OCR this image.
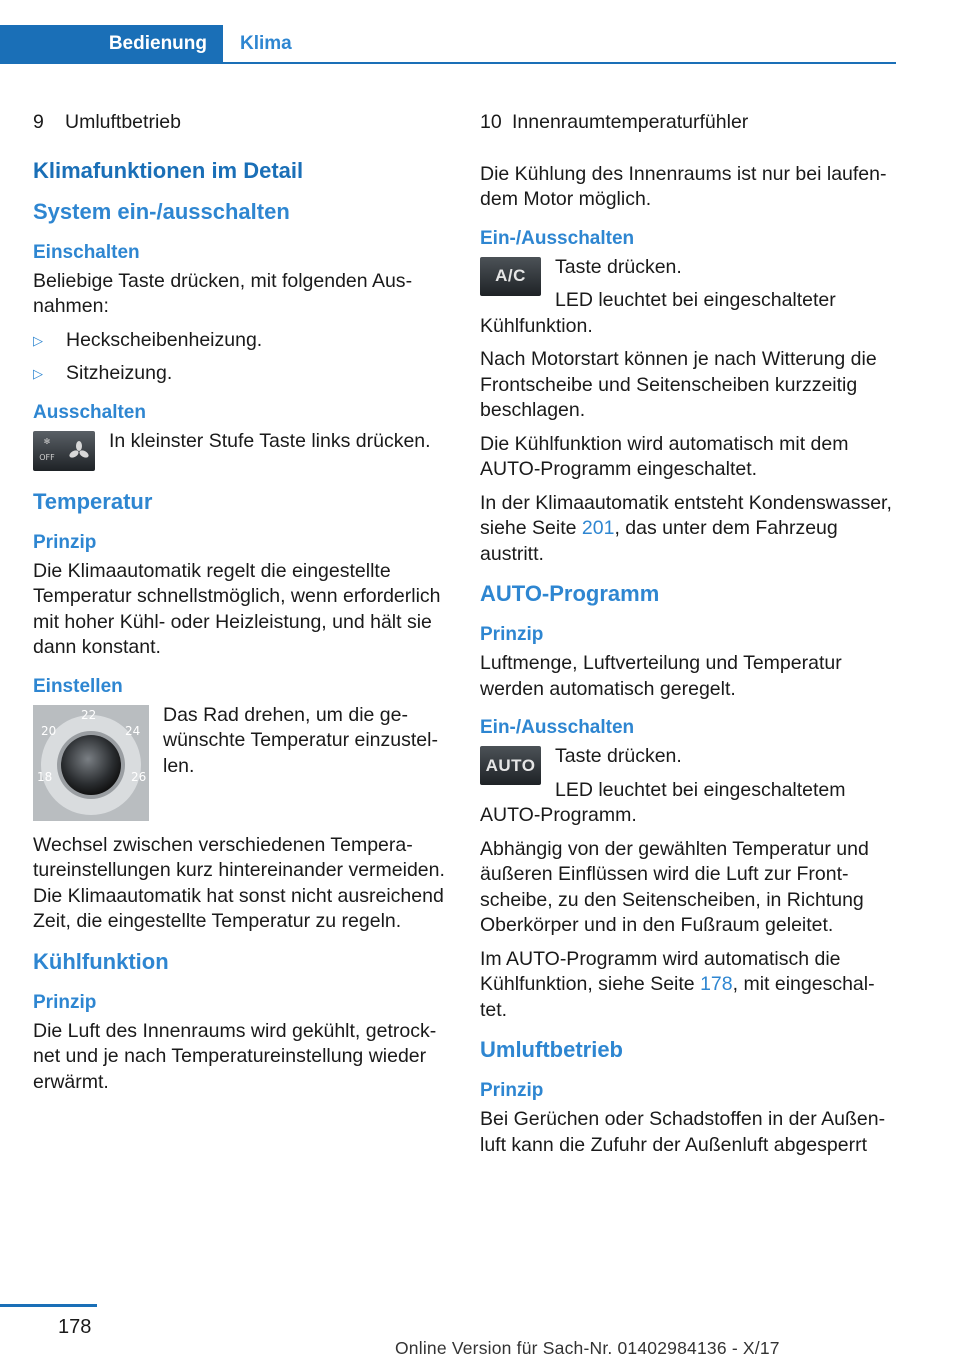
Bedienung	Klima
9	Umluftbetrieb
Klimafunktionen im Detail
System ein-/ausschalten
Einschalten

Beliebige Taste drücken, mit folgenden Ausnahmen:

▷	Heckscheibenheizung.
▷	Sitzheizung.
Ausschalten
✻
OFF

In kleinster Stufe Taste links drücken.

Temperatur
Prinzip

Die Klimaautomatik regelt die eingestellte Temperatur schnellstmöglich, wenn erforderlich mit hoher Kühl- oder Heizleistung, und hält sie dann konstant.

Einstellen
18
20
22
24
26

Das Rad drehen, um die gewünschte Temperatur einzustellen.

Wechsel zwischen verschiedenen Temperatureinstellungen kurz hintereinander vermeiden. Die Klimaautomatik hat sonst nicht ausreichend Zeit, die eingestellte Temperatur zu regeln.

Kühlfunktion
Prinzip

Die Luft des Innenraums wird gekühlt, getrocknet und je nach Temperatureinstellung wieder erwärmt.

10 Innenraumtemperaturfühler

Die Kühlung des Innenraums ist nur bei laufendem Motor möglich.

Ein-/Ausschalten
A/C	Taste drücken.

LED leuchtet bei eingeschalteter Kühlfunktion.

Nach Motorstart können je nach Witterung die Frontscheibe und Seitenscheiben kurzzeitig beschlagen.

Die Kühlfunktion wird automatisch mit dem AUTO-Programm eingeschaltet.

In der Klimaautomatik entsteht Kondenswasser, siehe Seite 201, das unter dem Fahrzeug austritt.

AUTO-Programm
Prinzip

Luftmenge, Luftverteilung und Temperatur werden automatisch geregelt.

Ein-/Ausschalten
AUTO	Taste drücken.

LED leuchtet bei eingeschaltetem AUTO-Programm.

Abhängig von der gewählten Temperatur und äußeren Einflüssen wird die Luft zur Frontscheibe, zu den Seitenscheiben, in Richtung Oberkörper und in den Fußraum geleitet.

Im AUTO-Programm wird automatisch die Kühlfunktion, siehe Seite 178, mit eingeschaltet.

Umluftbetrieb
Prinzip

Bei Gerüchen oder Schadstoffen in der Außenluft kann die Zufuhr der Außenluft abgesperrt

178
Online Version für Sach-Nr. 01402984136 - X/17
